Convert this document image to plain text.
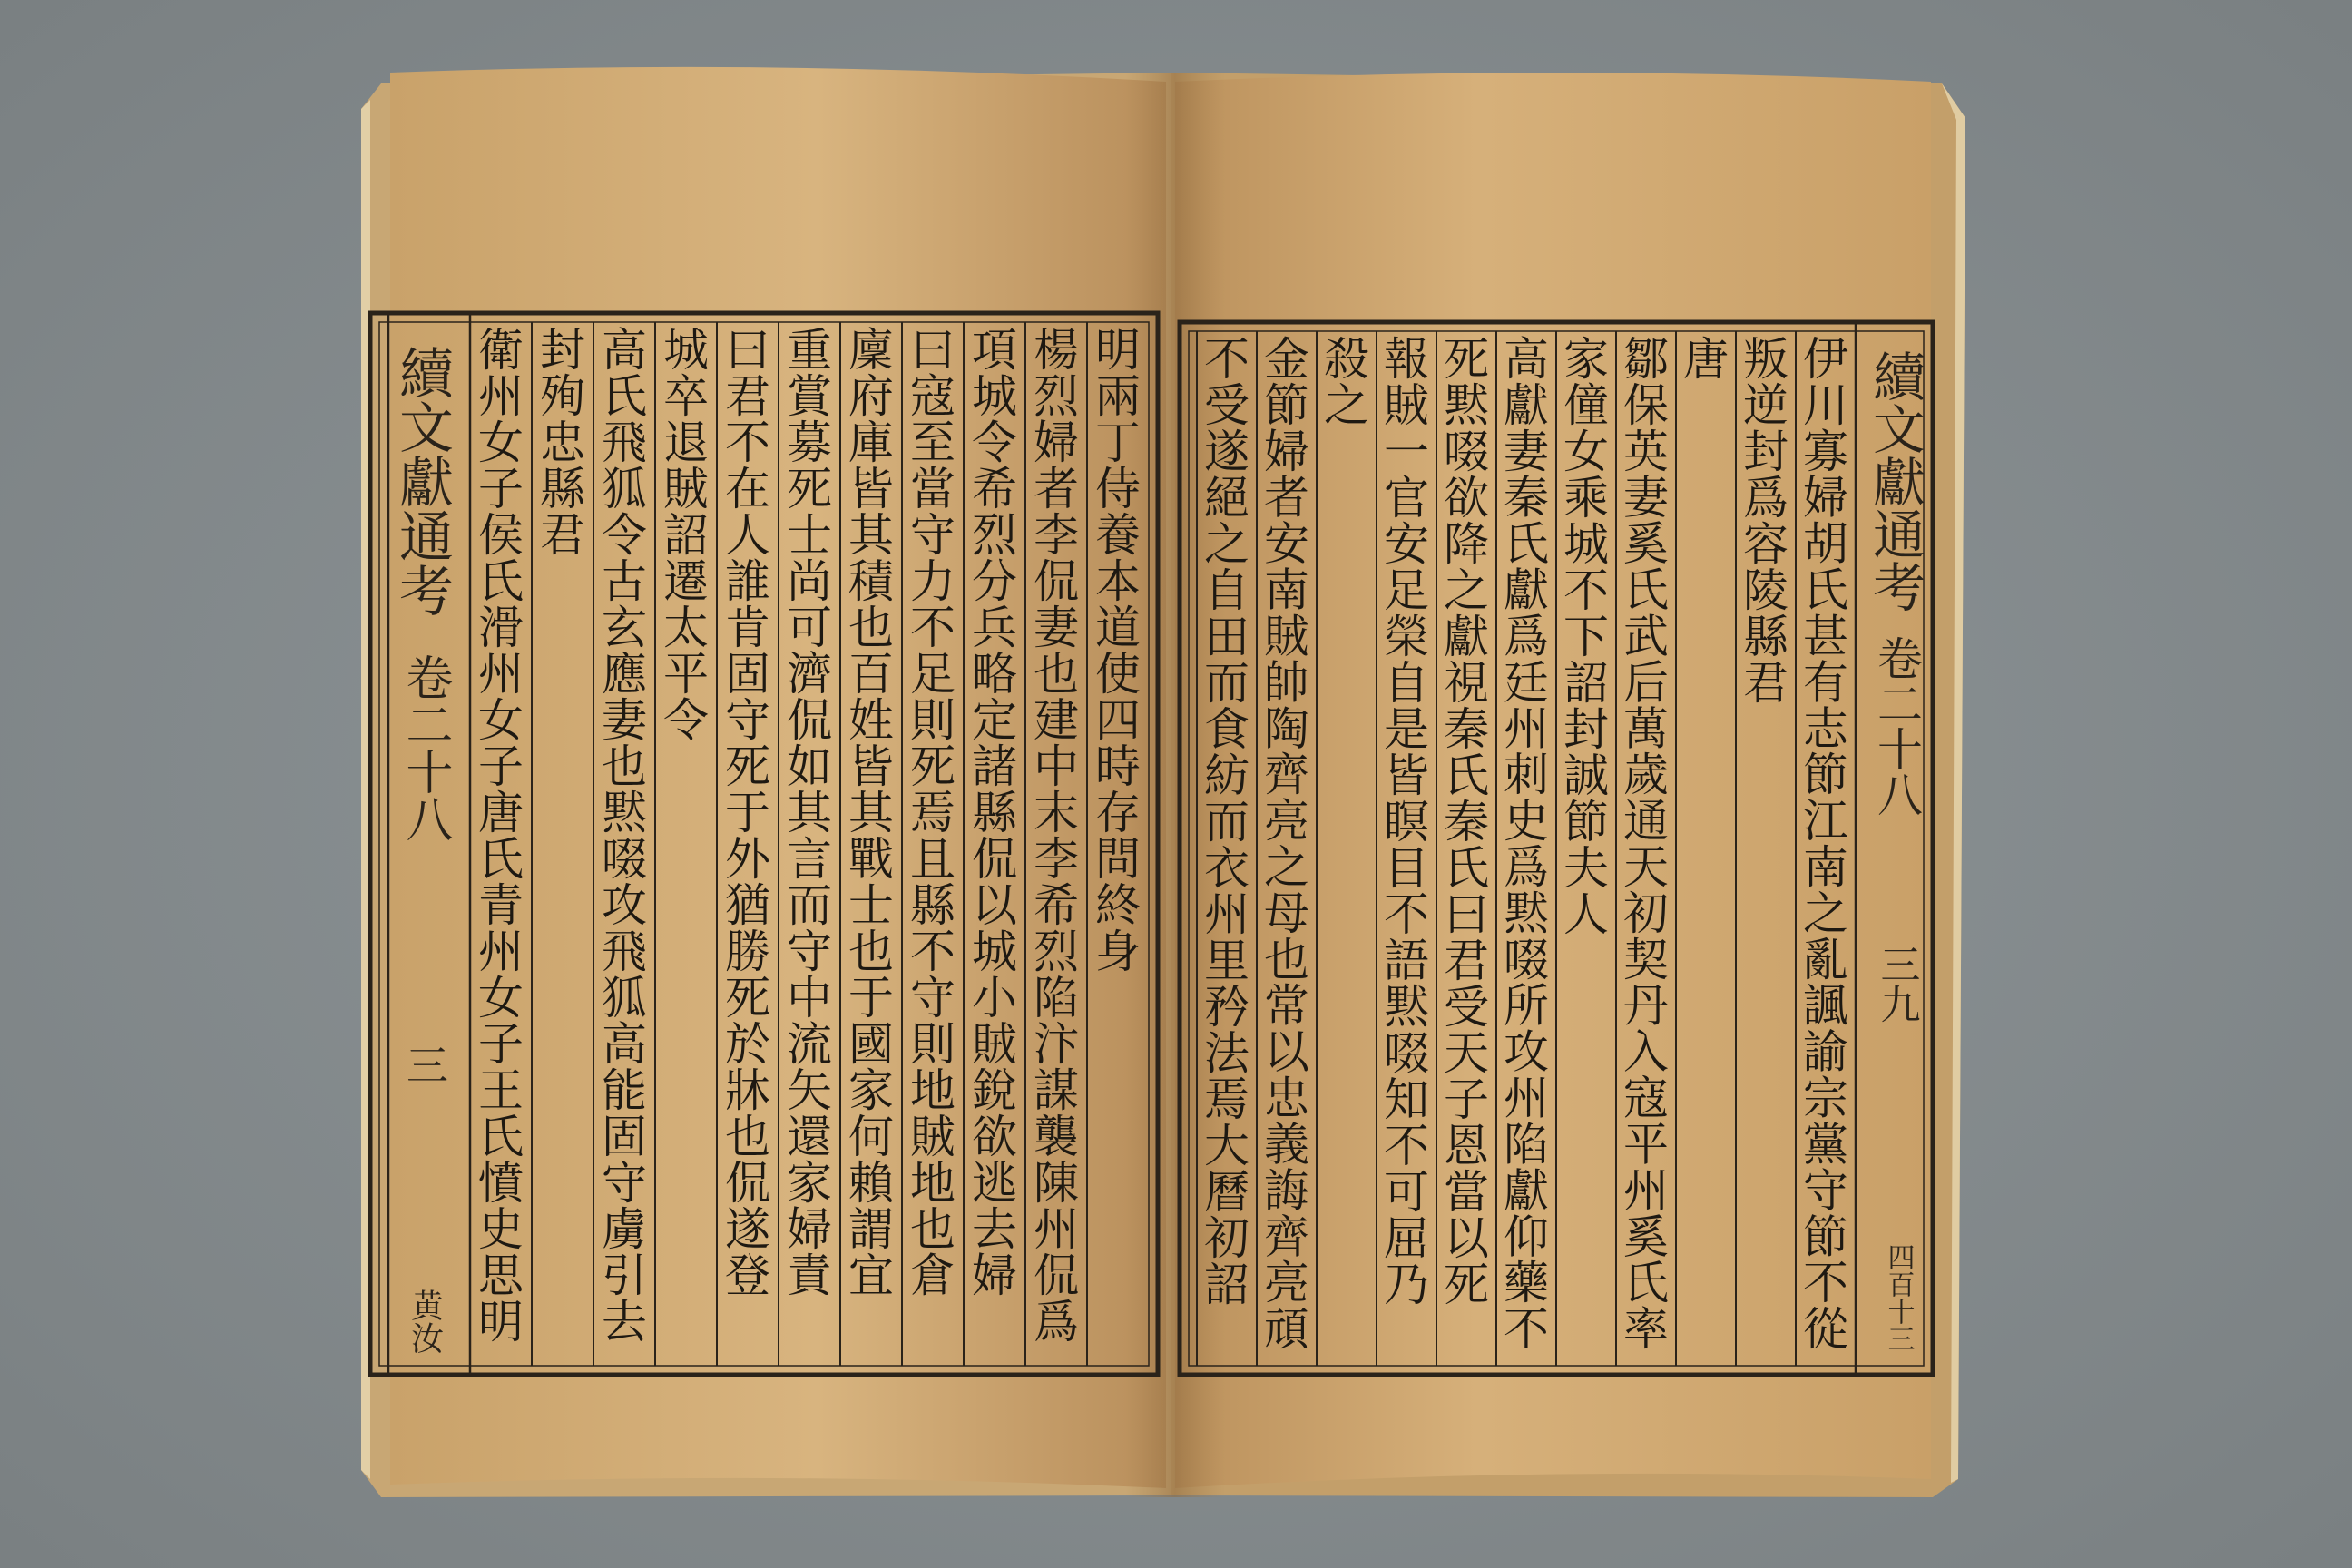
明兩丁侍養本道使四時存問終身
楊烈婦者李侃妻也建中末李希烈陷汴謀襲陳州侃爲
項城令希烈分兵略定諸縣侃以城小賊銳欲逃去婦
曰寇至當守力不足則死焉且縣不守則地賊地也倉
廩府庫皆其積也百姓皆其戰士也于國家何賴謂宜
重賞募死士尚可濟侃如其言而守中流矢還家婦責
曰君不在人誰肯固守死于外猶勝死於牀也侃遂登
城卒退賊詔遷太平令
高氏飛狐令古玄應妻也黙啜攻飛狐高能固守虜引去
封殉忠縣君
衛州女子侯氏滑州女子唐氏青州女子王氏憤史思明
伊川寡婦胡氏甚有志節江南之亂諷諭宗黨守節不從
叛逆封爲容陵縣君
唐
鄒保英妻奚氏武后萬歲通天初契丹入寇平州奚氏率
家僮女乘城不下詔封誠節夫人
高獻妻秦氏獻爲廷州刺史爲黙啜所攻州陷獻仰藥不
死黙啜欲降之獻視秦氏秦氏曰君受天子恩當以死
報賊一官安足榮自是皆瞑目不語黙啜知不可屈乃
殺之
金節婦者安南賊帥陶齊亮之母也常以忠義誨齊亮頑
不受遂絕之自田而食紡而衣州里矜法焉大曆初詔
續文獻通考
卷二十八
三
黄汝
續文獻通考
卷二十八
三九
四百十三
